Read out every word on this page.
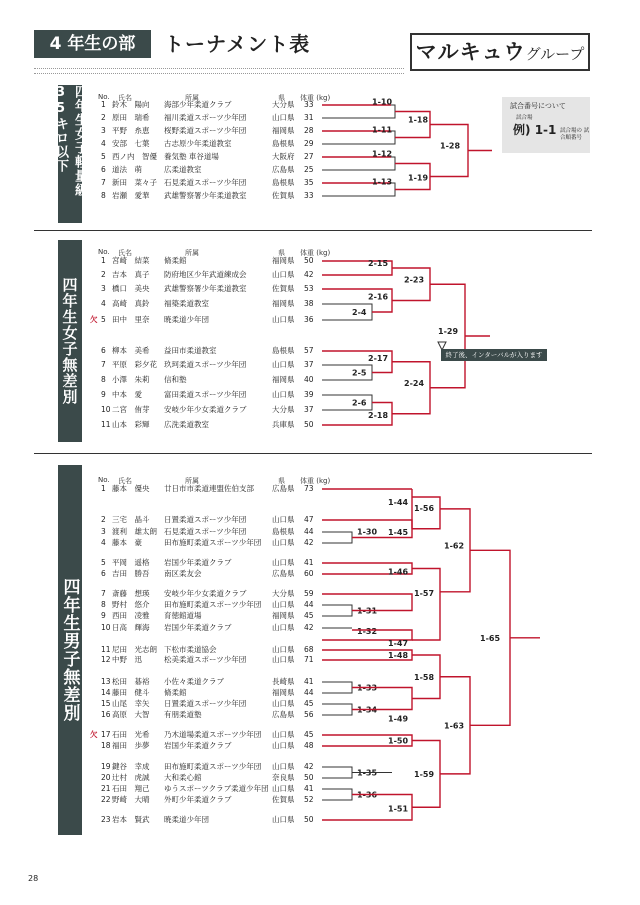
4 年生の部	トーナメント表	マルキュウグループ
四年生女子軽量級35キロ以下
四年生女子無差別
四年生男子無差別
No. 氏名	所属	県 体重 (kg)
No. 氏名	所属	県 体重 (kg)
No. 氏名	所属	県 体重 (kg)
1 鈴木　陽向 海部少年柔道クラブ	大分県 33
2 原田　瑞希 福川柔道スポーツ少年団	山口県 31
3 平野　糸恵 桜野柔道スポーツ少年団	福岡県 28
4 安部　七葉 古志原少年柔道教室	島根県 29
5 西ノ内　智優 養気塾 車谷道場	大阪府 27
6 道法　萌	広柔道教室	広島県 25
7 新田　菜々子 石見柔道スポーツ少年団	島根県 35
8 岩瀬　愛華 武雄警察署少年柔道教室	佐賀県 33
1 宮崎　結菜 脩柔館	福岡県 50
2 吉本　真子 防府地区少年武道練成会	山口県 42
3 橋口　美央 武雄警察署少年柔道教室	佐賀県 53
4 高崎　真鈴 福築柔道教室	福岡県 38
欠 5 田中　里奈 暁柔道少年団	山口県 36
6 柳本　美希 益田市柔道教室	島根県 57
7 平原　彩夕花 玖珂柔道スポーツ少年団	山口県 37
8 小澤　朱莉 信和塾	福岡県 40
9 中本　愛	富田柔道スポーツ少年団	山口県 39
10 二宮　侑芽 安岐少年少女柔道クラブ	大分県 37
11 山本　彩輝 広洗柔道教室	兵庫県 50
1 藤本　優央 廿日市市柔道連盟佐伯支部 広島県 73
2 三宅　晶斗 日置柔道スポーツ少年団	山口県 47
3 渡利　雄太朗 石見柔道スポーツ少年団	島根県 44
4 藤本　豪	田布施町柔道スポーツ少年団 山口県 42
5 平岡　遥格 岩国少年柔道クラブ	山口県 41
6 吉田　勝吾 南区柔友会	広島県 60
7 斎藤　想瑛 安岐少年少女柔道クラブ	大分県 59
8 野村　悠介 田布施町柔道スポーツ少年団 山口県 44
9 西田　凌雅 育徳館道場	福岡県 45
10 日高　輝海 岩国少年柔道クラブ	山口県 42
11 尼田　光志朗 下松市柔道協会	山口県 68
12 中野　迅	松美柔道スポーツ少年団	山口県 71
13 松田　碁裕 小佐々柔道クラブ	長崎県 41
14 藤田　健斗 脩柔館	福岡県 44
15 山尾　幸矢 日置柔道スポーツ少年団	山口県 45
16 高原　大智 有朋柔道塾	広島県 56
欠 17 石田　光希 乃木道場柔道スポーツ少年団 山口県 45
18 福田　歩夢 岩国少年柔道クラブ	山口県 48
19 鍵谷　幸成 田布施町柔道スポーツ少年団 山口県 42
20 辻村　虎誠 大和柔心館	奈良県 50
21 石田　翔己 ゆうスポーツクラブ柔道少年団 山口県 41
22 野崎　大晴 外町少年柔道クラブ	佐賀県 52
23 岩本　賢武 暁柔道少年団	山口県 50
試合番号について
試合場
例) 1-1 試合場の 試合順番号
1-10
1-11
1-12
1-13
1-18
1-19
1-28
2-15
2-4
2-16
2-23
2-5
2-17
2-6
2-18
2-24
1-29
1-30 1-45
1-44
1-56
1-31
1-46
1-32
1-47
1-57
1-62
1-48
1-33
1-34
1-49
1-58
1-50
1-35
1-36
1-51
1-59
1-63
1-65
終了後、インターバルが入ります
28
